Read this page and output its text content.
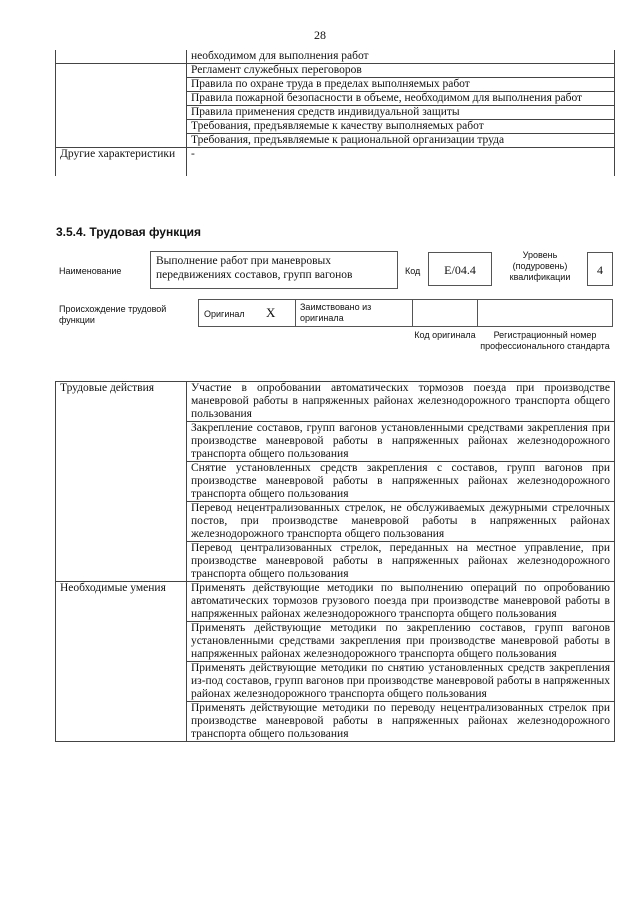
28
	необходимом для выполнения работ
	Регламент служебных переговоров
	Правила по охране труда в пределах выполняемых работ
	Правила пожарной безопасности в объеме, необходимом для выполнения работ
	Правила применения средств индивидуальной защиты
	Требования, предъявляемые к качеству выполняемых работ
	Требования, предъявляемые к рациональной организации труда
Другие характеристики	-
3.5.4. Трудовая функция
Наименование
Выполнение работ при маневровых передвижениях составов, групп вагонов	Код	E/04.4
Уровень (подуровень) квалификации	4
Происхождение трудовой функции
Оригинал X	Заимствовано из оригинала
Код оригинала	Регистрационный номер профессионального стандарта
Трудовые действия	Участие в опробовании автоматических тормозов поезда при производстве маневровой работы в напряженных районах железнодорожного транспорта общего пользования
	Закрепление составов, групп вагонов установленными средствами закрепления при производстве маневровой работы в напряженных районах железнодорожного транспорта общего пользования
	Снятие установленных средств закрепления с составов, групп вагонов при производстве маневровой работы в напряженных районах железнодорожного транспорта общего пользования
	Перевод нецентрализованных стрелок, не обслуживаемых дежурными стрелочных постов, при производстве маневровой работы в напряженных районах железнодорожного транспорта общего пользования
	Перевод централизованных стрелок, переданных на местное управление, при производстве маневровой работы в напряженных районах железнодорожного транспорта общего пользования
Необходимые умения	Применять действующие методики по выполнению операций по опробованию автоматических тормозов грузового поезда при производстве маневровой работы в напряженных районах железнодорожного транспорта общего пользования
	Применять действующие методики по закреплению составов, групп вагонов установленными средствами закрепления при производстве маневровой работы в напряженных районах железнодорожного транспорта общего пользования
	Применять действующие методики по снятию установленных средств закрепления из-под составов, групп вагонов при производстве маневровой работы в напряженных районах железнодорожного транспорта общего пользования
	Применять действующие методики по переводу нецентрализованных стрелок при производстве маневровой работы в напряженных районах железнодорожного транспорта общего пользования
